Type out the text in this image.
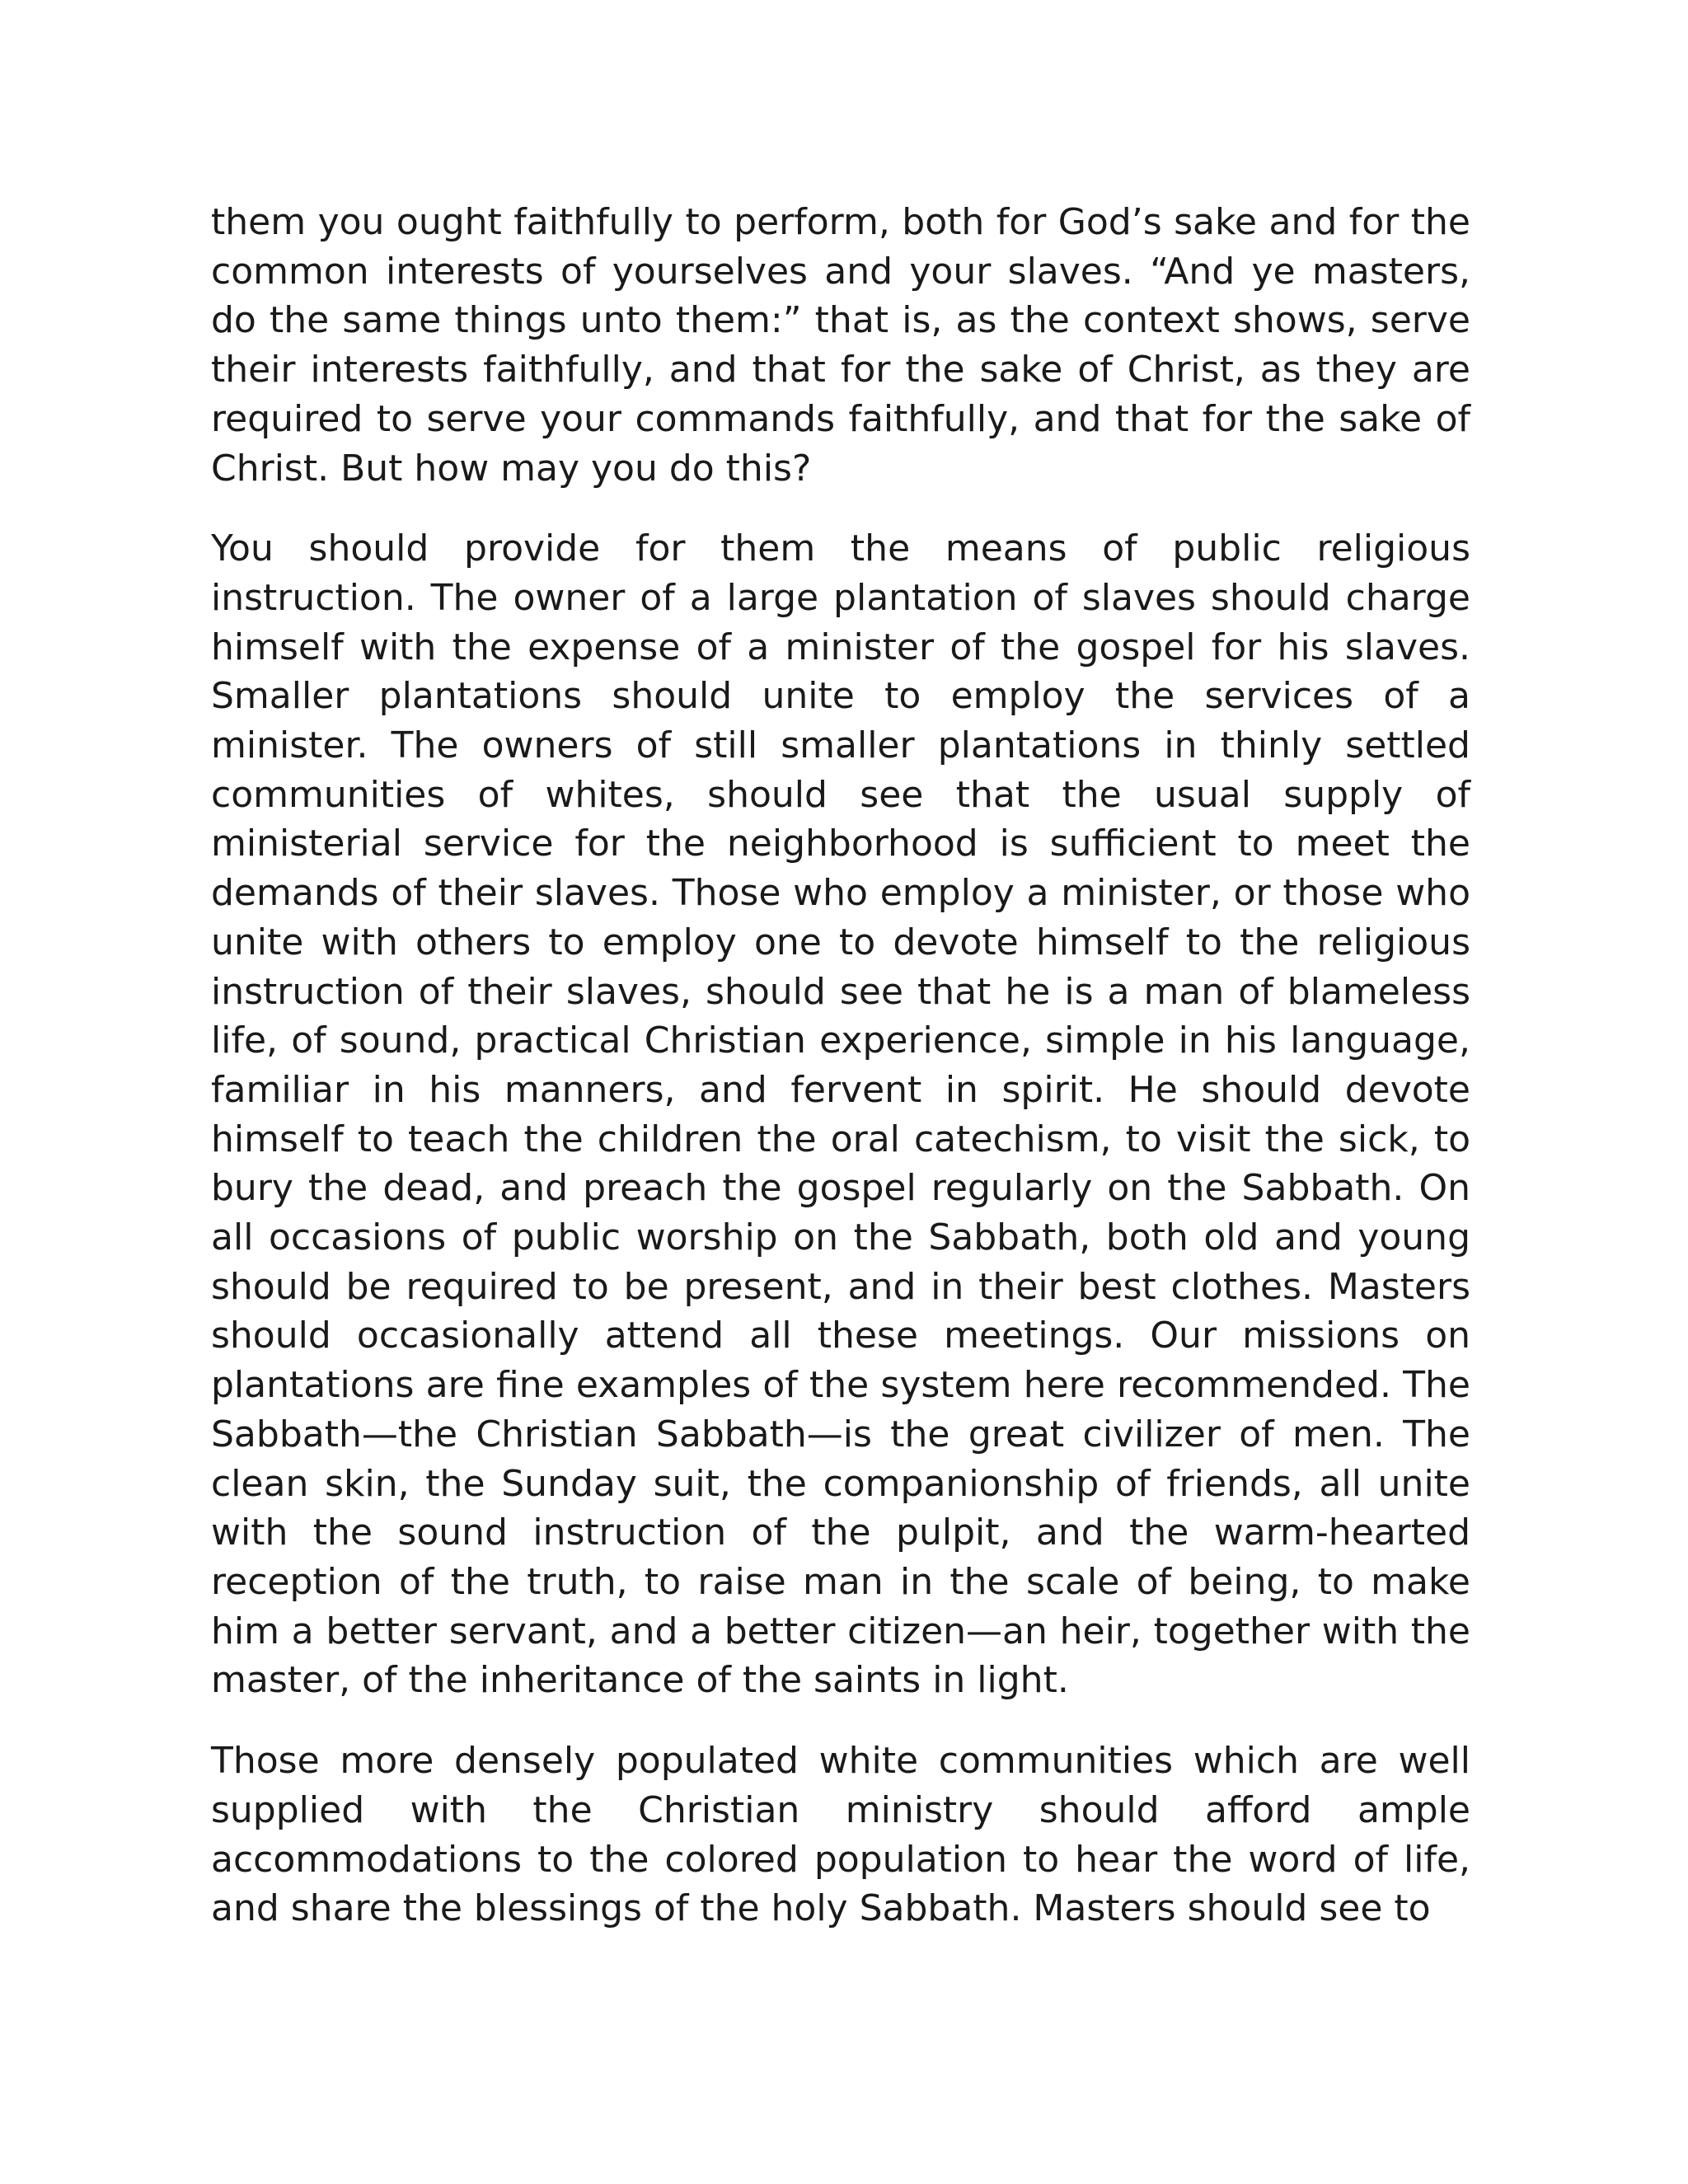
them you ought faithfully to perform, both for God’s sake and for the common interests of yourselves and your slaves. “And ye masters, do the same things unto them:” that is, as the context shows, serve their interests faithfully, and that for the sake of Christ, as they are required to serve your commands faithfully, and that for the sake of Christ. But how may you do this?

You should provide for them the means of public religious instruction. The owner of a large plantation of slaves should charge himself with the expense of a minister of the gospel for his slaves. Smaller plantations should unite to employ the services of a minister. The owners of still smaller plantations in thinly settled communities of whites, should see that the usual supply of ministerial service for the neighborhood is sufficient to meet the demands of their slaves. Those who employ a minister, or those who unite with others to employ one to devote himself to the religious instruction of their slaves, should see that he is a man of blameless life, of sound, practical Christian experience, simple in his language, familiar in his manners, and fervent in spirit. He should devote himself to teach the children the oral catechism, to visit the sick, to bury the dead, and preach the gospel regularly on the Sabbath. On all occasions of public worship on the Sabbath, both old and young should be required to be present, and in their best clothes. Masters should occasionally attend all these meetings. Our missions on plantations are fine examples of the system here recommended. The Sabbath—the Christian Sabbath—is the great civilizer of men. The clean skin, the Sunday suit, the companionship of friends, all unite with the sound instruction of the pulpit, and the warm-hearted reception of the truth, to raise man in the scale of being, to make him a better servant, and a better citizen—an heir, together with the master, of the inheritance of the saints in light.

Those more densely populated white communities which are well supplied with the Christian ministry should afford ample accommodations to the colored population to hear the word of life, and share the blessings of the holy Sabbath. Masters should see to
